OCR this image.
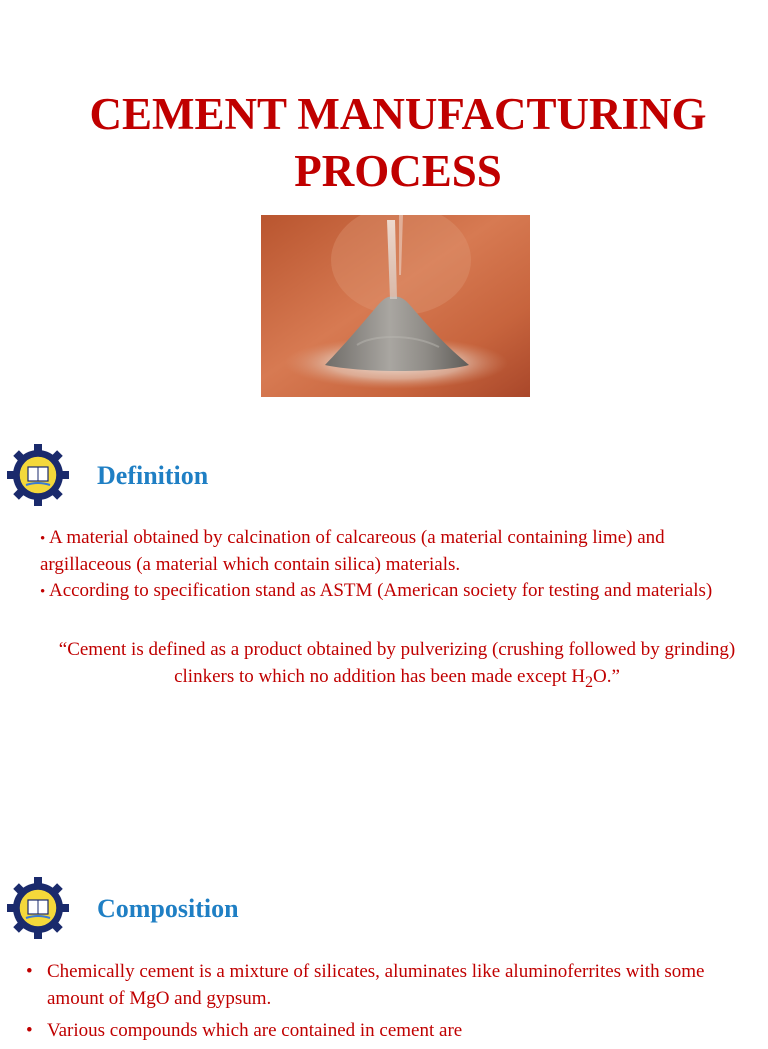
CEMENT MANUFACTURING
PROCESS
Definition

• A material obtained by calcination of calcareous (a material containing lime) and argillaceous (a material which contain silica) materials.

• According to specification stand as ASTM (American society for testing and materials)

“Cement is defined as a product obtained by pulverizing (crushing followed by grinding) clinkers to which no addition has been made except $H_2O$.”

Composition
• Chemically cement is a mixture of silicates, aluminates like aluminoferrites with some amount of MgO and gypsum.
• Various compounds which are contained in cement are
